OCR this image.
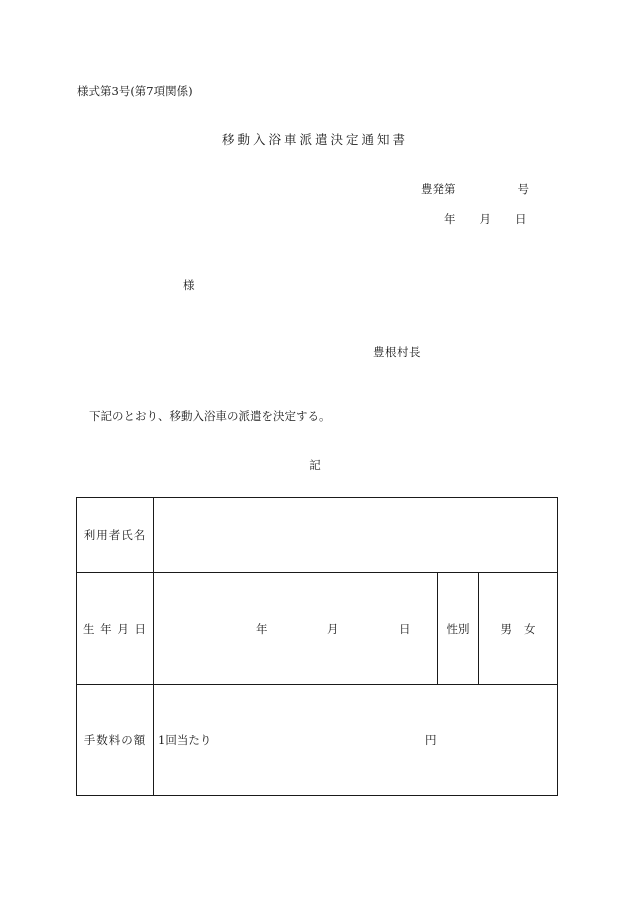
様式第3号(第7項関係)
移動入浴車派遣決定通知書
豊発第	号
年 月 日
様
豊根村長
下記のとおり、移動入浴車の派遣を決定する。
記
利用者氏名			
生 年 月 日	年 月 日	性別	男 女
手数料の額	1回当たり 円		
